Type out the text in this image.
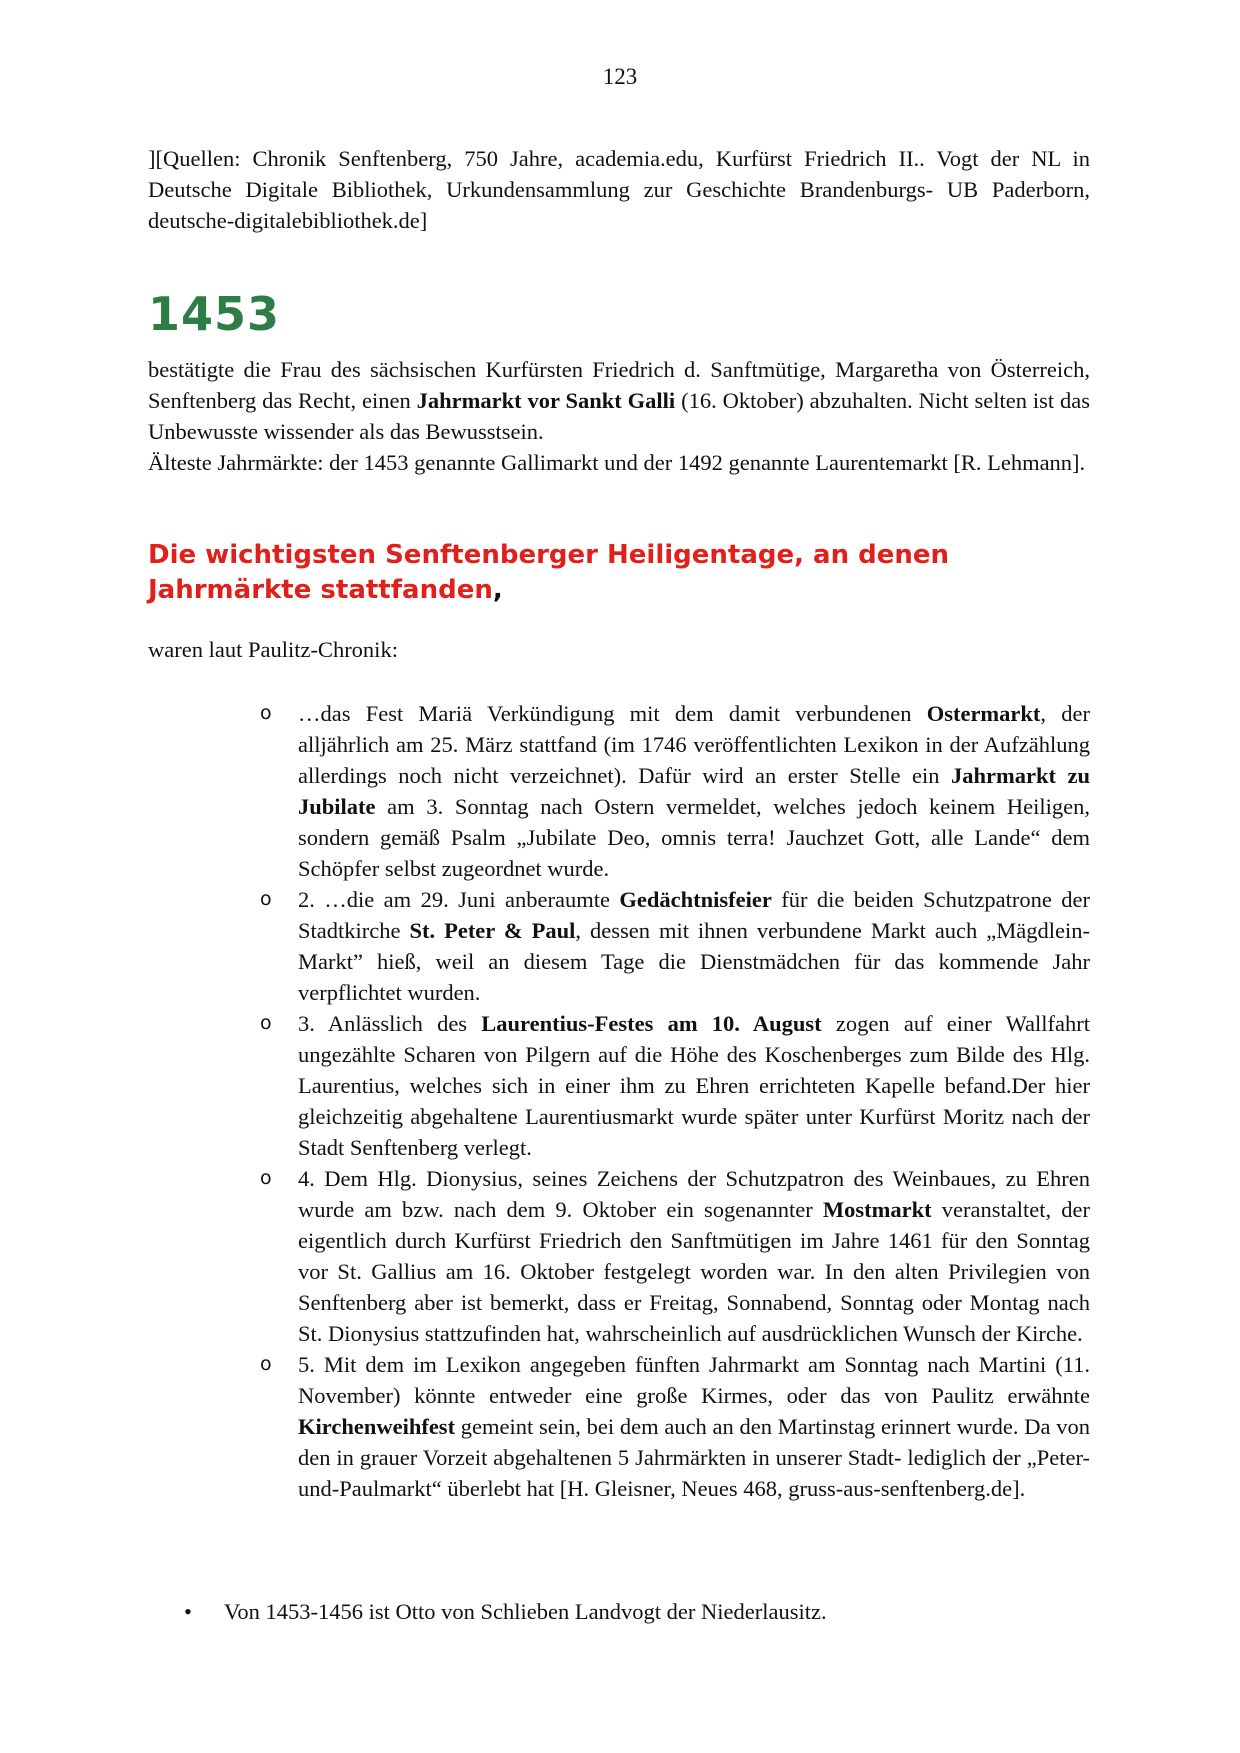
123
][Quellen: Chronik Senftenberg, 750 Jahre, academia.edu, Kurfürst Friedrich II.. Vogt der NL in Deutsche Digitale Bibliothek, Urkundensammlung zur Geschichte Brandenburgs- UB Paderborn, deutsche-digitalebibliothek.de]
1453
bestätigte die Frau des sächsischen Kurfürsten Friedrich d. Sanftmütige, Margaretha von Österreich, Senftenberg das Recht, einen Jahrmarkt vor Sankt Galli (16. Oktober) abzuhalten. Nicht selten ist das Unbewusste wissender als das Bewusstsein.
Älteste Jahrmärkte: der 1453 genannte Gallimarkt und der 1492 genannte Laurentemarkt [R. Lehmann].
Die wichtigsten Senftenberger Heiligentage, an denen Jahrmärkte stattfanden,
waren laut Paulitz-Chronik:
o …das Fest Mariä Verkündigung mit dem damit verbundenen Ostermarkt, der alljährlich am 25. März stattfand (im 1746 veröffentlichten Lexikon in der Aufzählung allerdings noch nicht verzeichnet). Dafür wird an erster Stelle ein Jahrmarkt zu Jubilate am 3. Sonntag nach Ostern vermeldet, welches jedoch keinem Heiligen, sondern gemäß Psalm „Jubilate Deo, omnis terra! Jauchzet Gott, alle Lande“ dem Schöpfer selbst zugeordnet wurde.
o 2. …die am 29. Juni anberaumte Gedächtnisfeier für die beiden Schutzpatrone der Stadtkirche St. Peter & Paul, dessen mit ihnen verbundene Markt auch „Mägdlein-Markt” hieß, weil an diesem Tage die Dienstmädchen für das kommende Jahr verpflichtet wurden.
o 3. Anlässlich des Laurentius-Festes am 10. August zogen auf einer Wallfahrt ungezählte Scharen von Pilgern auf die Höhe des Koschenberges zum Bilde des Hlg. Laurentius, welches sich in einer ihm zu Ehren errichteten Kapelle befand.Der hier gleichzeitig abgehaltene Laurentiusmarkt wurde später unter Kurfürst Moritz nach der Stadt Senftenberg verlegt.
o 4. Dem Hlg. Dionysius, seines Zeichens der Schutzpatron des Weinbaues, zu Ehren wurde am bzw. nach dem 9. Oktober ein sogenannter Mostmarkt veranstaltet, der eigentlich durch Kurfürst Friedrich den Sanftmütigen im Jahre 1461 für den Sonntag vor St. Gallius am 16. Oktober festgelegt worden war. In den alten Privilegien von Senftenberg aber ist bemerkt, dass er Freitag, Sonnabend, Sonntag oder Montag nach St. Dionysius stattzufinden hat, wahrscheinlich auf ausdrücklichen Wunsch der Kirche.
o 5. Mit dem im Lexikon angegeben fünften Jahrmarkt am Sonntag nach Martini (11. November) könnte entweder eine große Kirmes, oder das von Paulitz erwähnte Kirchenweihfest gemeint sein, bei dem auch an den Martinstag erinnert wurde. Da von den in grauer Vorzeit abgehaltenen 5 Jahrmärkten in unserer Stadt- lediglich der „Peter-und-Paulmarkt“ überlebt hat [H. Gleisner, Neues 468, gruss-aus-senftenberg.de].
•	Von 1453-1456 ist Otto von Schlieben Landvogt der Niederlausitz.
